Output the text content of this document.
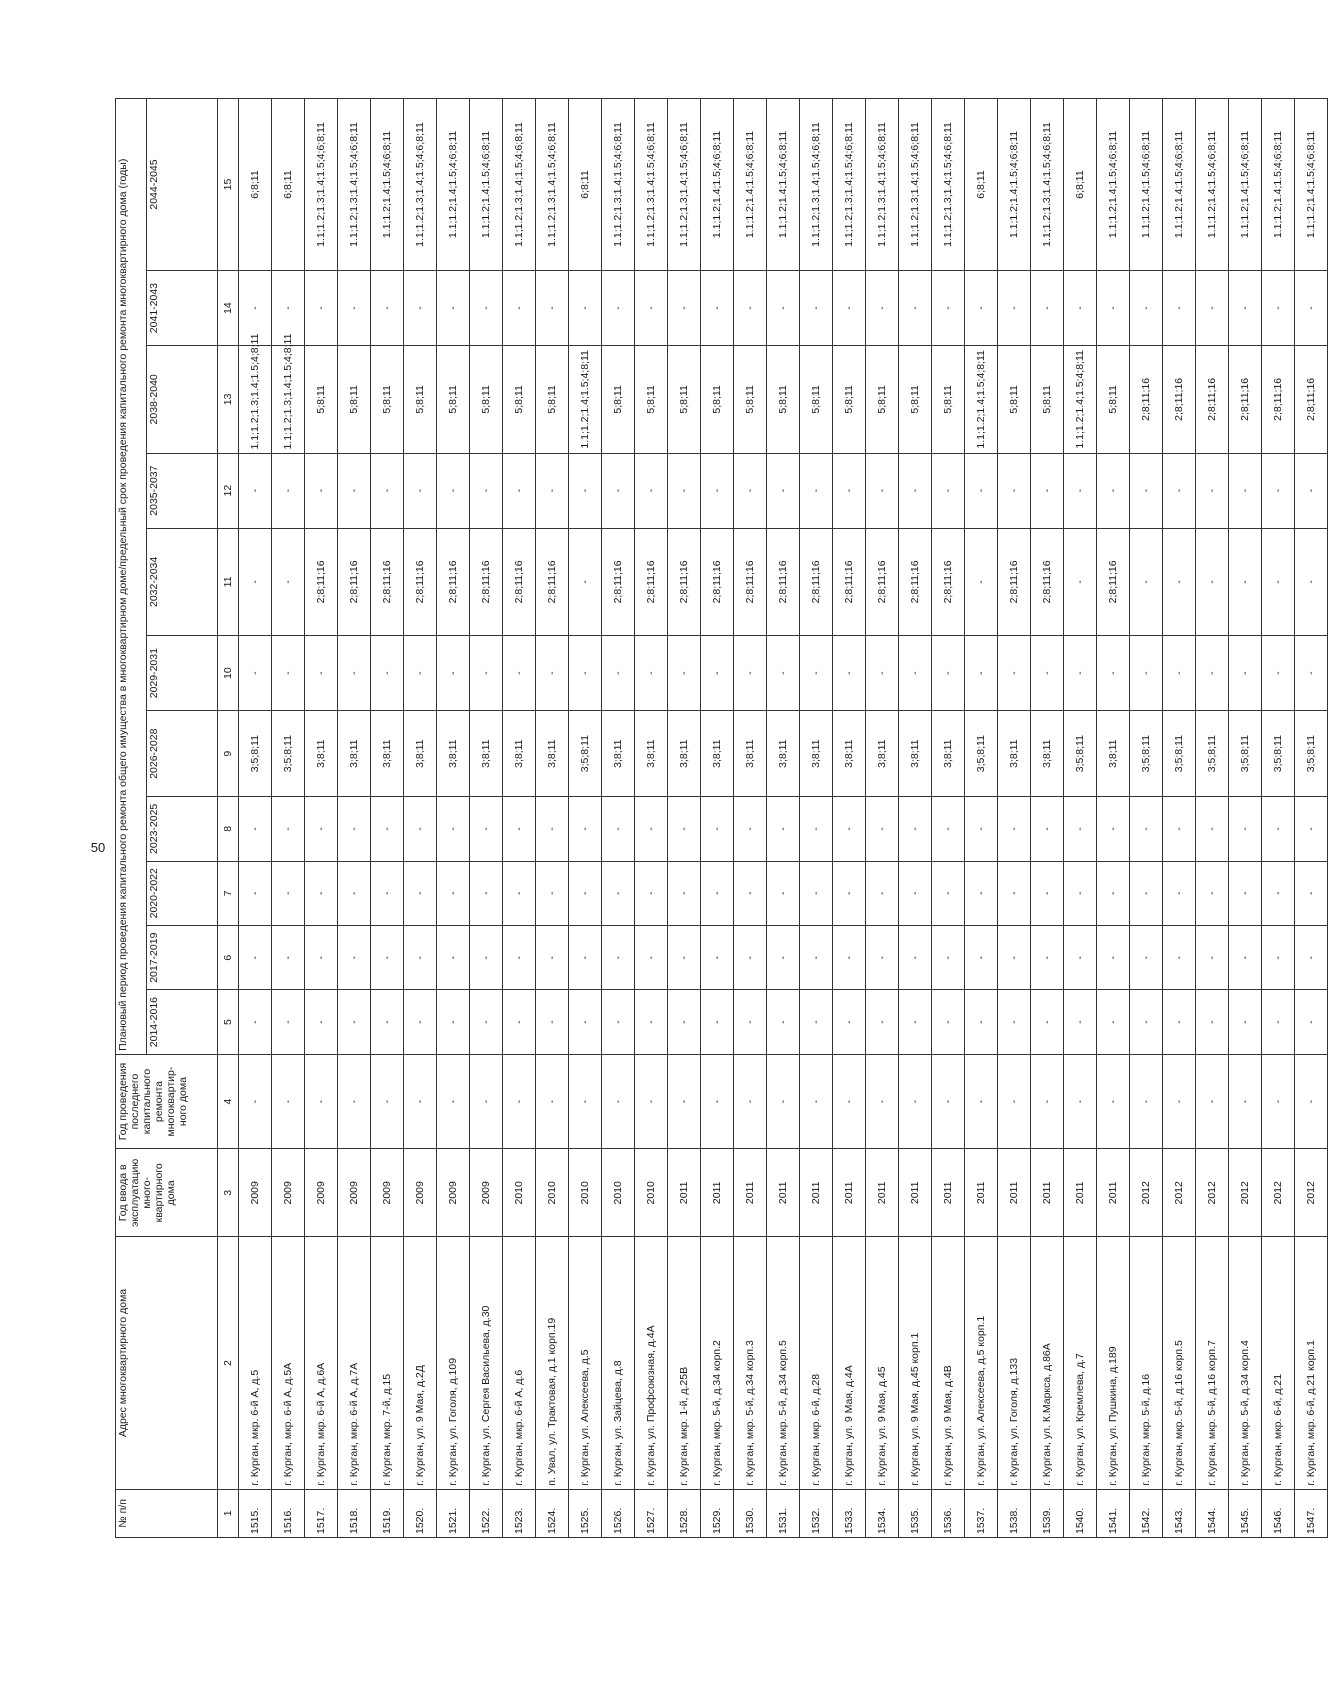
50
№ п/п	Адрес многоквартирного дома	Год ввода в эксплуатацию много-квартирного дома	Год проведения последнего капитального ремонта многоквартир-ного дома	Плановый период проведения капитального ремонта общего имущества в многоквартирном доме/предельный срок проведения капитального ремонта многоквартирного дома (годы)										
				2014-2016	2017-2019	2020-2022	2023-2025	2026-2028	2029-2031	2032-2034	2035-2037	2038-2040	2041-2043	2044-2045
1	2	3	4	5	6	7	8	9	10	11	12	13	14	15
1515.	г. Курган, мкр. 6-й А, д.5	2009	-	-	-	-	-	3;5;8;11	-	-	-	1.1;1.2;1.3;1.4;1.5;4;8;11	-	6;8;11
1516.	г. Курган, мкр. 6-й А, д.5А	2009	-	-	-	-	-	3;5;8;11	-	-	-	1.1;1.2;1.3;1.4;1.5;4;8;11	-	6;8;11
1517.	г. Курган, мкр. 6-й А, д.6А	2009	-	-	-	-	-	3;8;11	-	2;8;11;16	-	5;8;11	-	1.1;1.2;1.3;1.4;1.5;4;6;8;11
1518.	г. Курган, мкр. 6-й А, д.7А	2009	-	-	-	-	-	3;8;11	-	2;8;11;16	-	5;8;11	-	1.1;1.2;1.3;1.4;1.5;4;6;8;11
1519.	г. Курган, мкр. 7-й, д.15	2009	-	-	-	-	-	3;8;11	-	2;8;11;16	-	5;8;11	-	1.1;1.2;1.4;1.5;4;6;8;11
1520.	г. Курган, ул. 9 Мая, д.2Д	2009	-	-	-	-	-	3;8;11	-	2;8;11;16	-	5;8;11	-	1.1;1.2;1.3;1.4;1.5;4;6;8;11
1521.	г. Курган, ул. Гоголя, д.109	2009	-	-	-	-	-	3;8;11	-	2;8;11;16	-	5;8;11	-	1.1;1.2;1.4;1.5;4;6;8;11
1522.	г. Курган, ул. Сергея Васильева, д.30	2009	-	-	-	-	-	3;8;11	-	2;8;11;16	-	5;8;11	-	1.1;1.2;1.4;1.5;4;6;8;11
1523.	г. Курган, мкр. 6-й А, д.6	2010	-	-	-	-	-	3;8;11	-	2;8;11;16	-	5;8;11	-	1.1;1.2;1.3;1.4;1.5;4;6;8;11
1524.	п. Увал, ул. Трактовая, д.1 корп.19	2010	-	-	-	-	-	3;8;11	-	2;8;11;16	-	5;8;11	-	1.1;1.2;1.3;1.4;1.5;4;6;8;11
1525.	г. Курган, ул. Алексеева, д.5	2010	-	-	-	-	-	3;5;8;11	-	-	-	1.1;1.2;1.4;1.5;4;8;11	-	6;8;11
1526.	г. Курган, ул. Зайцева, д.8	2010	-	-	-	-	-	3;8;11	-	2;8;11;16	-	5;8;11	-	1.1;1.2;1.3;1.4;1.5;4;6;8;11
1527.	г. Курган, ул. Профсоюзная, д.4А	2010	-	-	-	-	-	3;8;11	-	2;8;11;16	-	5;8;11	-	1.1;1.2;1.3;1.4;1.5;4;6;8;11
1528.	г. Курган, мкр. 1-й, д.25В	2011	-	-	-	-	-	3;8;11	-	2;8;11;16	-	5;8;11	-	1.1;1.2;1.3;1.4;1.5;4;6;8;11
1529.	г. Курган, мкр. 5-й, д.34 корп.2	2011	-	-	-	-	-	3;8;11	-	2;8;11;16	-	5;8;11	-	1.1;1.2;1.4;1.5;4;6;8;11
1530.	г. Курган, мкр. 5-й, д.34 корп.3	2011	-	-	-	-	-	3;8;11	-	2;8;11;16	-	5;8;11	-	1.1;1.2;1.4;1.5;4;6;8;11
1531.	г. Курган, мкр. 5-й, д.34 корп.5	2011	-	-	-	-	-	3;8;11	-	2;8;11;16	-	5;8;11	-	1.1;1.2;1.4;1.5;4;6;8;11
1532.	г. Курган, мкр. 6-й, д.28	2011	-	-	-	-	-	3;8;11	-	2;8;11;16	-	5;8;11	-	1.1;1.2;1.3;1.4;1.5;4;6;8;11
1533.	г. Курган, ул. 9 Мая, д.4А	2011	-	-	-	-	-	3;8;11	-	2;8;11;16	-	5;8;11	-	1.1;1.2;1.3;1.4;1.5;4;6;8;11
1534.	г. Курган, ул. 9 Мая, д.45	2011	-	-	-	-	-	3;8;11	-	2;8;11;16	-	5;8;11	-	1.1;1.2;1.3;1.4;1.5;4;6;8;11
1535.	г. Курган, ул. 9 Мая, д.45 корп.1	2011	-	-	-	-	-	3;8;11	-	2;8;11;16	-	5;8;11	-	1.1;1.2;1.3;1.4;1.5;4;6;8;11
1536.	г. Курган, ул. 9 Мая, д.4В	2011	-	-	-	-	-	3;8;11	-	2;8;11;16	-	5;8;11	-	1.1;1.2;1.3;1.4;1.5;4;6;8;11
1537.	г. Курган, ул. Алексеева, д.5 корп.1	2011	-	-	-	-	-	3;5;8;11	-	-	-	1.1;1.2;1.4;1.5;4;8;11	-	6;8;11
1538.	г. Курган, ул. Гоголя, д.133	2011	-	-	-	-	-	3;8;11	-	2;8;11;16	-	5;8;11	-	1.1;1.2;1.4;1.5;4;6;8;11
1539.	г. Курган, ул. К.Маркса, д.86А	2011	-	-	-	-	-	3;8;11	-	2;8;11;16	-	5;8;11	-	1.1;1.2;1.3;1.4;1.5;4;6;8;11
1540.	г. Курган, ул. Кремлева, д.7	2011	-	-	-	-	-	3;5;8;11	-	-	-	1.1;1.2;1.4;1.5;4;8;11	-	6;8;11
1541.	г. Курган, ул. Пушкина, д.189	2011	-	-	-	-	-	3;8;11	-	2;8;11;16	-	5;8;11	-	1.1;1.2;1.4;1.5;4;6;8;11
1542.	г. Курган, мкр. 5-й, д.16	2012	-	-	-	-	-	3;5;8;11	-	-	-	2;8;11;16	-	1.1;1.2;1.4;1.5;4;6;8;11
1543.	г. Курган, мкр. 5-й, д.16 корп.5	2012	-	-	-	-	-	3;5;8;11	-	-	-	2;8;11;16	-	1.1;1.2;1.4;1.5;4;6;8;11
1544.	г. Курган, мкр. 5-й, д.16 корп.7	2012	-	-	-	-	-	3;5;8;11	-	-	-	2;8;11;16	-	1.1;1.2;1.4;1.5;4;6;8;11
1545.	г. Курган, мкр. 5-й, д.34 корп.4	2012	-	-	-	-	-	3;5;8;11	-	-	-	2;8;11;16	-	1.1;1.2;1.4;1.5;4;6;8;11
1546.	г. Курган, мкр. 6-й, д.21	2012	-	-	-	-	-	3;5;8;11	-	-	-	2;8;11;16	-	1.1;1.2;1.4;1.5;4;6;8;11
1547.	г. Курган, мкр. 6-й, д.21 корп.1	2012	-	-	-	-	-	3;5;8;11	-	-	-	2;8;11;16	-	1.1;1.2;1.4;1.5;4;6;8;11
